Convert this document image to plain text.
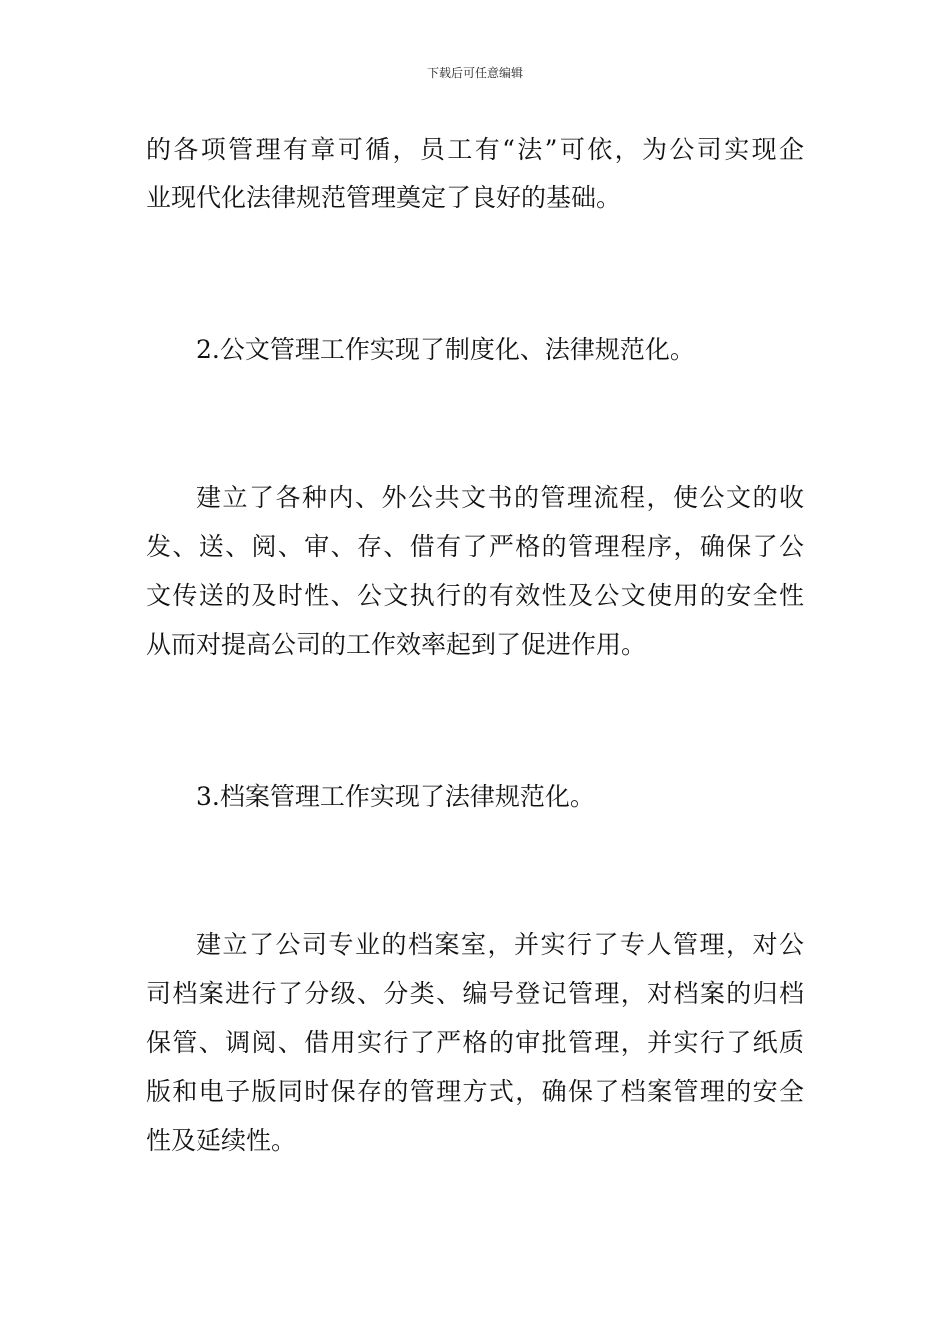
下载后可任意编辑
的各项管理有章可循，员工有“法”可依，为公司实现企
业现代化法律规范管理奠定了良好的基础。
2.公文管理工作实现了制度化、法律规范化。
建立了各种内、外公共文书的管理流程，使公文的收
发、送、阅、审、存、借有了严格的管理程序，确保了公
文传送的及时性、公文执行的有效性及公文使用的安全性
从而对提高公司的工作效率起到了促进作用。
3.档案管理工作实现了法律规范化。
建立了公司专业的档案室，并实行了专人管理，对公
司档案进行了分级、分类、编号登记管理，对档案的归档
保管、调阅、借用实行了严格的审批管理，并实行了纸质
版和电子版同时保存的管理方式，确保了档案管理的安全
性及延续性。
